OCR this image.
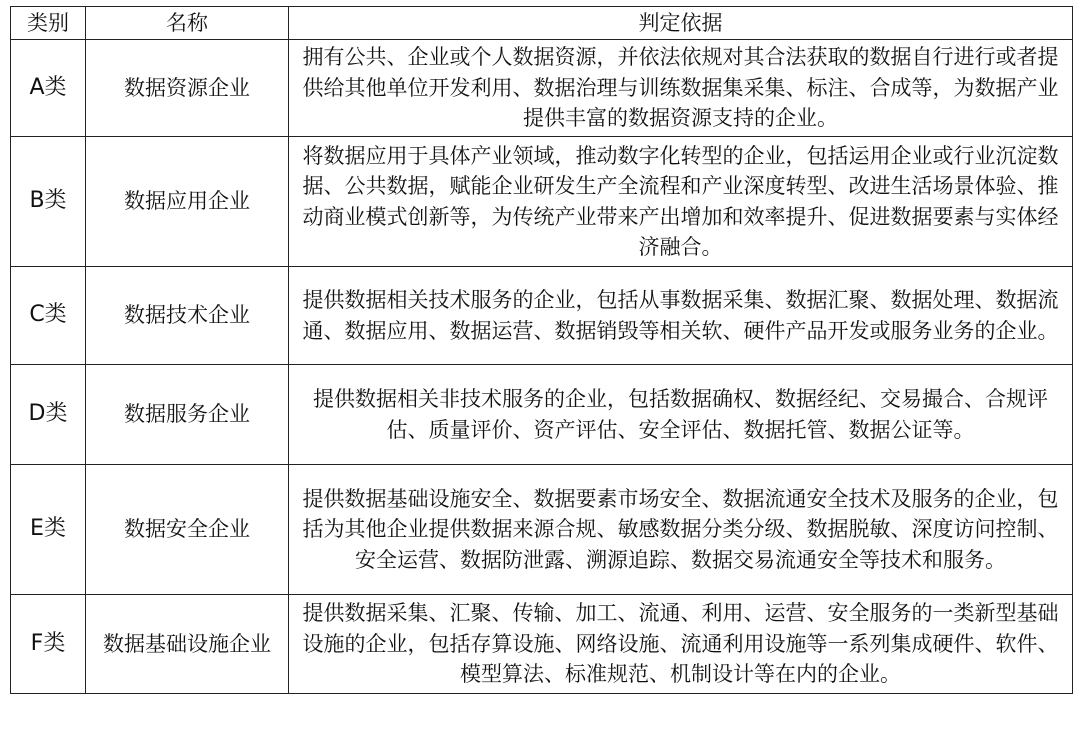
类别	名称	判定依据
A类	数据资源企业	拥有公共、企业或个人数据资源，并依法依规对其合法获取的数据自行进行或者提供给其他单位开发利用、数据治理与训练数据集采集、标注、合成等，为数据产业提供丰富的数据资源支持的企业。
B类	数据应用企业	将数据应用于具体产业领域，推动数字化转型的企业，包括运用企业或行业沉淀数据、公共数据，赋能企业研发生产全流程和产业深度转型、改进生活场景体验、推动商业模式创新等，为传统产业带来产出增加和效率提升、促进数据要素与实体经济融合。
C类	数据技术企业	提供数据相关技术服务的企业，包括从事数据采集、数据汇聚、数据处理、数据流通、数据应用、数据运营、数据销毁等相关软、硬件产品开发或服务业务的企业。
D类	数据服务企业	提供数据相关非技术服务的企业，包括数据确权、数据经纪、交易撮合、合规评估、质量评价、资产评估、安全评估、数据托管、数据公证等。
E类	数据安全企业	提供数据基础设施安全、数据要素市场安全、数据流通安全技术及服务的企业，包括为其他企业提供数据来源合规、敏感数据分类分级、数据脱敏、深度访问控制、安全运营、数据防泄露、溯源追踪、数据交易流通安全等技术和服务。
F类	数据基础设施企业	提供数据采集、汇聚、传输、加工、流通、利用、运营、安全服务的一类新型基础设施的企业，包括存算设施、网络设施、流通利用设施等一系列集成硬件、软件、模型算法、标准规范、机制设计等在内的企业。
